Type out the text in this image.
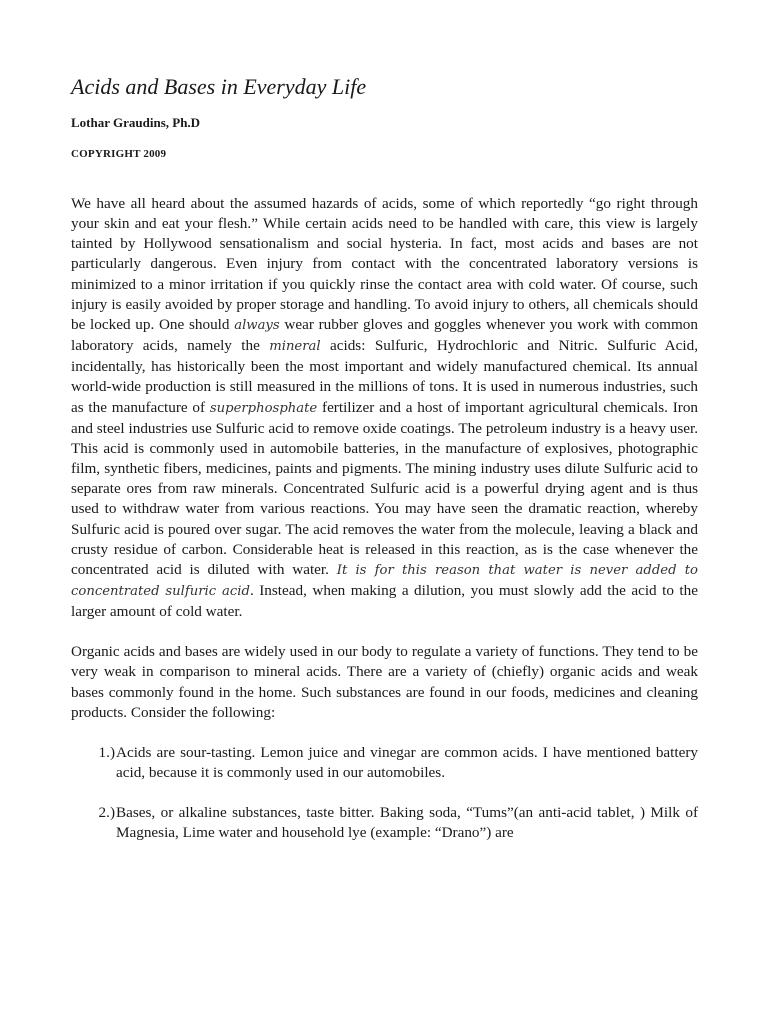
Acids and Bases in Everyday Life
Lothar Graudins, Ph.D
COPYRIGHT 2009

We have all heard about the assumed hazards of acids, some of which reportedly “go right through your skin and eat your flesh.” While certain acids need to be handled with care, this view is largely tainted by Hollywood sensationalism and social hysteria. In fact, most acids and bases are not particularly dangerous. Even injury from contact with the concentrated laboratory versions is minimized to a minor irritation if you quickly rinse the contact area with cold water. Of course, such injury is easily avoided by proper storage and handling. To avoid injury to others, all chemicals should be locked up. One should always wear rubber gloves and goggles whenever you work with common laboratory acids, namely the mineral acids: Sulfuric, Hydrochloric and Nitric. Sulfuric Acid, incidentally, has historically been the most important and widely manufactured chemical. Its annual world-wide production is still measured in the millions of tons. It is used in numerous industries, such as the manufacture of superphosphate fertilizer and a host of important agricultural chemicals. Iron and steel industries use Sulfuric acid to remove oxide coatings. The petroleum industry is a heavy user. This acid is commonly used in automobile batteries, in the manufacture of explosives, photographic film, synthetic fibers, medicines, paints and pigments. The mining industry uses dilute Sulfuric acid to separate ores from raw minerals. Concentrated Sulfuric acid is a powerful drying agent and is thus used to withdraw water from various reactions. You may have seen the dramatic reaction, whereby Sulfuric acid is poured over sugar. The acid removes the water from the molecule, leaving a black and crusty residue of carbon. Considerable heat is released in this reaction, as is the case whenever the concentrated acid is diluted with water. It is for this reason that water is never added to concentrated sulfuric acid. Instead, when making a dilution, you must slowly add the acid to the larger amount of cold water.

Organic acids and bases are widely used in our body to regulate a variety of functions. They tend to be very weak in comparison to mineral acids. There are a variety of (chiefly) organic acids and weak bases commonly found in the home. Such substances are found in our foods, medicines and cleaning products. Consider the following:

1.) Acids are sour-tasting. Lemon juice and vinegar are common acids. I have mentioned battery acid, because it is commonly used in our automobiles.
2.) Bases, or alkaline substances, taste bitter. Baking soda, “Tums”(an anti-acid tablet, ) Milk of Magnesia, Lime water and household lye (example: “Drano”) are
